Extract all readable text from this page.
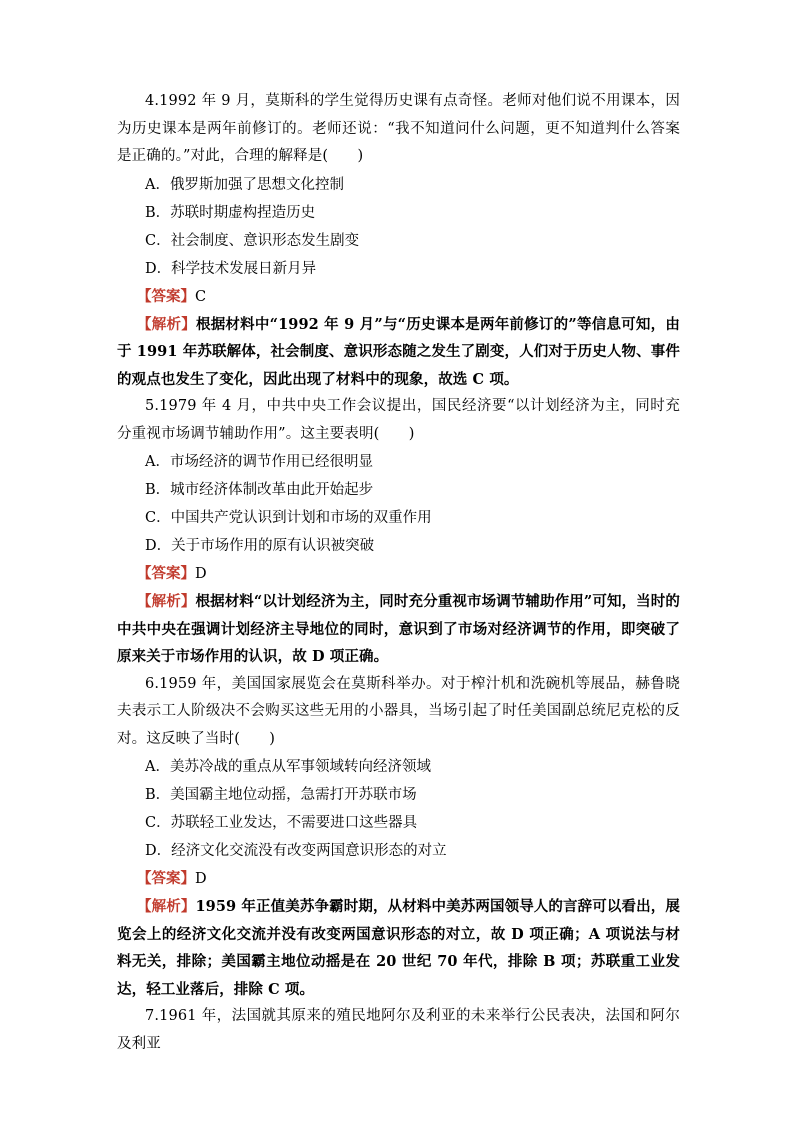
4.1992 年 9 月，莫斯科的学生觉得历史课有点奇怪。老师对他们说不用课本，因为历史课本是两年前修订的。老师还说：“我不知道问什么问题，更不知道判什么答案是正确的。”对此，合理的解释是(　　)

A．俄罗斯加强了思想文化控制

B．苏联时期虚构捏造历史

C．社会制度、意识形态发生剧变

D．科学技术发展日新月异

【答案】C

【解析】根据材料中“1992 年 9 月”与“历史课本是两年前修订的”等信息可知，由于 1991 年苏联解体，社会制度、意识形态随之发生了剧变，人们对于历史人物、事件的观点也发生了变化，因此出现了材料中的现象，故选 C 项。

5.1979 年 4 月，中共中央工作会议提出，国民经济要“以计划经济为主，同时充分重视市场调节辅助作用”。这主要表明(　　)

A．市场经济的调节作用已经很明显

B．城市经济体制改革由此开始起步

C．中国共产党认识到计划和市场的双重作用

D．关于市场作用的原有认识被突破

【答案】D

【解析】根据材料“以计划经济为主，同时充分重视市场调节辅助作用”可知，当时的中共中央在强调计划经济主导地位的同时，意识到了市场对经济调节的作用，即突破了原来关于市场作用的认识，故 D 项正确。

6.1959 年，美国国家展览会在莫斯科举办。对于榨汁机和洗碗机等展品，赫鲁晓夫表示工人阶级决不会购买这些无用的小器具，当场引起了时任美国副总统尼克松的反对。这反映了当时(　　)

A．美苏冷战的重点从军事领域转向经济领域

B．美国霸主地位动摇，急需打开苏联市场

C．苏联轻工业发达，不需要进口这些器具

D．经济文化交流没有改变两国意识形态的对立

【答案】D

【解析】1959 年正值美苏争霸时期，从材料中美苏两国领导人的言辞可以看出，展览会上的经济文化交流并没有改变两国意识形态的对立，故 D 项正确；A 项说法与材料无关，排除；美国霸主地位动摇是在 20 世纪 70 年代，排除 B 项；苏联重工业发达，轻工业落后，排除 C 项。

7.1961 年，法国就其原来的殖民地阿尔及利亚的未来举行公民表决，法国和阿尔及利亚
